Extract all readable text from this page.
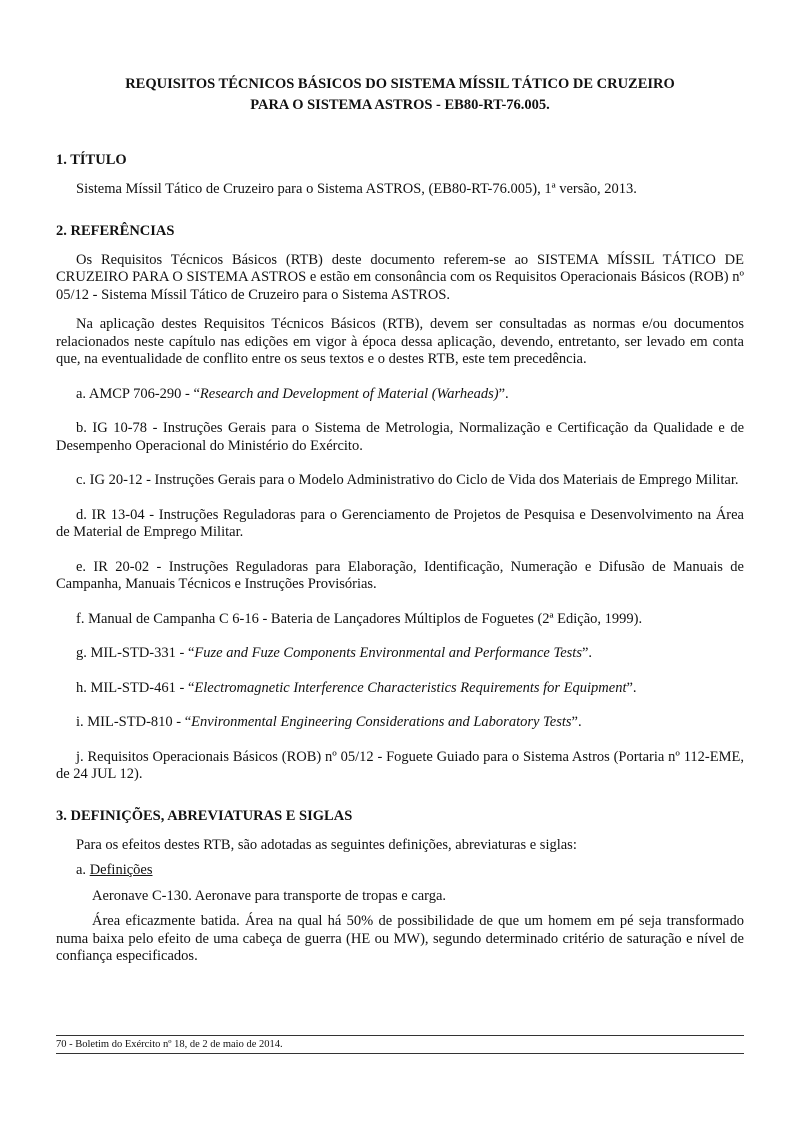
REQUISITOS TÉCNICOS BÁSICOS DO SISTEMA MÍSSIL TÁTICO DE CRUZEIRO
PARA O SISTEMA ASTROS - EB80-RT-76.005.
1. TÍTULO

Sistema Míssil Tático de Cruzeiro para o Sistema ASTROS, (EB80-RT-76.005), 1ª versão, 2013.

2. REFERÊNCIAS

Os Requisitos Técnicos Básicos (RTB) deste documento referem-se ao SISTEMA MÍSSIL TÁTICO DE CRUZEIRO PARA O SISTEMA ASTROS e estão em consonância com os Requisitos Operacionais Básicos (ROB) nº 05/12 - Sistema Míssil Tático de Cruzeiro para o Sistema ASTROS.

Na aplicação destes Requisitos Técnicos Básicos (RTB), devem ser consultadas as normas e/ou documentos relacionados neste capítulo nas edições em vigor à época dessa aplicação, devendo, entretanto, ser levado em conta que, na eventualidade de conflito entre os seus textos e o destes RTB, este tem precedência.

a. AMCP 706-290 - “Research and Development of Material (Warheads)”.

b. IG 10-78 - Instruções Gerais para o Sistema de Metrologia, Normalização e Certificação da Qualidade e de Desempenho Operacional do Ministério do Exército.

c. IG 20-12 - Instruções Gerais para o Modelo Administrativo do Ciclo de Vida dos Materiais de Emprego Militar.

d. IR 13-04 - Instruções Reguladoras para o Gerenciamento de Projetos de Pesquisa e Desenvolvimento na Área de Material de Emprego Militar.

e. IR 20-02 - Instruções Reguladoras para Elaboração, Identificação, Numeração e Difusão de Manuais de Campanha, Manuais Técnicos e Instruções Provisórias.

f. Manual de Campanha C 6-16 - Bateria de Lançadores Múltiplos de Foguetes (2ª Edição, 1999).

g. MIL-STD-331 - “Fuze and Fuze Components Environmental and Performance Tests”.

h. MIL-STD-461 - “Electromagnetic Interference Characteristics Requirements for Equipment”.

i. MIL-STD-810 - “Environmental Engineering Considerations and Laboratory Tests”.

j. Requisitos Operacionais Básicos (ROB) nº 05/12 - Foguete Guiado para o Sistema Astros (Portaria nº 112-EME, de 24 JUL 12).

3. DEFINIÇÕES, ABREVIATURAS E SIGLAS

Para os efeitos destes RTB, são adotadas as seguintes definições, abreviaturas e siglas:

a. Definições

Aeronave C-130. Aeronave para transporte de tropas e carga.

Área eficazmente batida. Área na qual há 50% de possibilidade de que um homem em pé seja transformado numa baixa pelo efeito de uma cabeça de guerra (HE ou MW), segundo determinado critério de saturação e nível de confiança especificados.

70 - Boletim do Exército nº 18, de 2 de maio de 2014.
